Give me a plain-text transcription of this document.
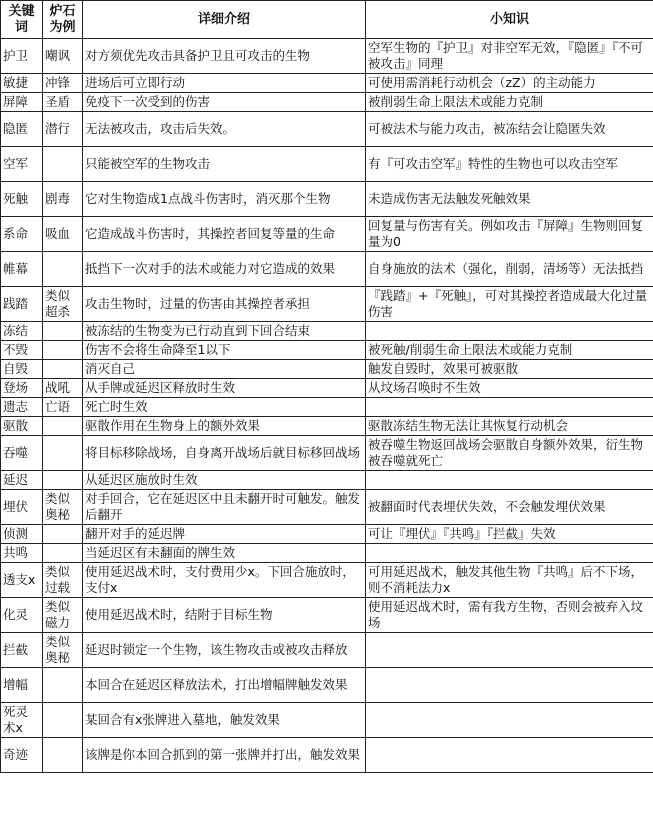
关键词	炉石为例	详细介绍	小知识
护卫	嘲讽	对方须优先攻击具备护卫且可攻击的生物	空军生物的『护卫』对非空军无效，『隐匿』『不可被攻击』同理
敏捷	冲锋	进场后可立即行动	可使用需消耗行动机会（zZ）的主动能力
屏障	圣盾	免疫下一次受到的伤害	被削弱生命上限法术或能力克制
隐匿	潜行	无法被攻击，攻击后失效。	可被法术与能力攻击，被冻结会让隐匿失效
空军		只能被空军的生物攻击	有『可攻击空军』特性的生物也可以攻击空军
死触	剧毒	它对生物造成1点战斗伤害时，消灭那个生物	未造成伤害无法触发死触效果
系命	吸血	它造成战斗伤害时，其操控者回复等量的生命	回复量与伤害有关。例如攻击『屏障』生物则回复量为0
帷幕		抵挡下一次对手的法术或能力对它造成的效果	自身施放的法术（强化，削弱，清场等）无法抵挡
践踏	类似超杀	攻击生物时，过量的伤害由其操控者承担	『践踏』+『死触』，可对其操控者造成最大化过量伤害
冻结		被冻结的生物变为已行动直到下回合结束	
不毁		伤害不会将生命降至1以下	被死触/削弱生命上限法术或能力克制
自毁		消灭自己	触发自毁时，效果可被驱散
登场	战吼	从手牌或延迟区释放时生效	从坟场召唤时不生效
遗志	亡语	死亡时生效	
驱散		驱散作用在生物身上的额外效果	驱散冻结生物无法让其恢复行动机会
吞噬		将目标移除战场，自身离开战场后就目标移回战场	被吞噬生物返回战场会驱散自身额外效果，衍生物被吞噬就死亡
延迟		从延迟区施放时生效	
埋伏	类似奥秘	对手回合，它在延迟区中且未翻开时可触发。触发后翻开	被翻面时代表埋伏失效，不会触发埋伏效果
侦测		翻开对手的延迟牌	可让『埋伏』『共鸣』『拦截』失效
共鸣		当延迟区有未翻面的牌生效	
透支x	类似过载	使用延迟战术时，支付费用少x。下回合施放时，支付x	可用延迟战术，触发其他生物『共鸣』后不下场，则不消耗法力x
化灵	类似磁力	使用延迟战术时，结附于目标生物	使用延迟战术时，需有我方生物，否则会被弃入坟场
拦截	类似奥秘	延迟时锁定一个生物，该生物攻击或被攻击释放	
增幅		本回合在延迟区释放法术，打出增幅牌触发效果	
死灵术x		某回合有x张牌进入墓地，触发效果	
奇迹		该牌是你本回合抓到的第一张牌并打出，触发效果	
